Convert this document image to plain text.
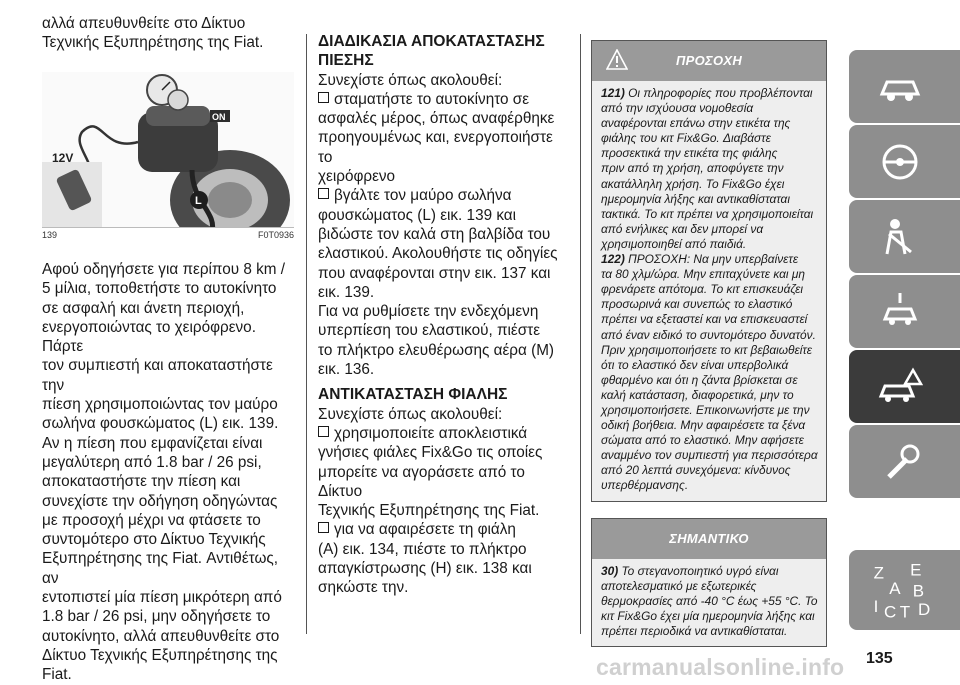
αλλά απευθυνθείτε στο Δίκτυο

Τεχνικής Εξυπηρέτησης της Fiat.

ON
L
12V
139	F0T0936

Αφού οδηγήσετε για περίπου 8 km /

5 μίλια, τοποθετήστε το αυτοκίνητο

σε ασφαλή και άνετη περιοχή,

ενεργοποιώντας το χειρόφρενο. Πάρτε

τον συμπιεστή και αποκαταστήστε την

πίεση χρησιμοποιώντας τον μαύρο

σωλήνα φουσκώματος (L) εικ. 139.

Αν η πίεση που εμφανίζεται είναι

μεγαλύτερη από 1.8 bar / 26 psi,

αποκαταστήστε την πίεση και

συνεχίστε την οδήγηση οδηγώντας

με προσοχή μέχρι να φτάσετε το

συντομότερο στο Δίκτυο Τεχνικής

Εξυπηρέτησης της Fiat. Αντιθέτως, αν

εντοπιστεί μία πίεση μικρότερη από

1.8 bar / 26 psi, μην οδηγήσετε το

αυτοκίνητο, αλλά απευθυνθείτε στο

Δίκτυο Τεχνικής Εξυπηρέτησης της

Fiat.

ΔΙΑΔΙΚΑΣΙΑ ΑΠΟΚΑΤΑΣΤΑΣΗΣ

ΠΙΕΣΗΣ

Συνεχίστε όπως ακολουθεί:

σταματήστε το αυτοκίνητο σε

ασφαλές μέρος, όπως αναφέρθηκε

προηγουμένως και, ενεργοποιήστε το

χειρόφρενο

βγάλτε τον μαύρο σωλήνα

φουσκώματος (L) εικ. 139 και

βιδώστε τον καλά στη βαλβίδα του

ελαστικού. Ακολουθήστε τις οδηγίες

που αναφέρονται στην εικ. 137 και

εικ. 139.

Για να ρυθμίσετε την ενδεχόμενη

υπερπίεση του ελαστικού, πιέστε

το πλήκτρο ελευθέρωσης αέρα (M)

εικ. 136.

ΑΝΤΙΚΑΤΑΣΤΑΣΗ ΦΙΑΛΗΣ

Συνεχίστε όπως ακολουθεί:

χρησιμοποιείτε αποκλειστικά

γνήσιες φιάλες Fix&Go τις οποίες

μπορείτε να αγοράσετε από το Δίκτυο

Τεχνικής Εξυπηρέτησης της Fiat.

για να αφαιρέσετε τη φιάλη

(A) εικ. 134, πιέστε το πλήκτρο

απαγκίστρωσης (H) εικ. 138 και

σηκώστε την.

ΠΡΟΣΟΧΗ

121) Οι πληροφορίες που προβλέπονται

από την ισχύουσα νομοθεσία

αναφέρονται επάνω στην ετικέτα της

φιάλης του κιτ Fix&Go. Διαβάστε

προσεκτικά την ετικέτα της φιάλης

πριν από τη χρήση, αποφύγετε την

ακατάλληλη χρήση. Το Fix&Go έχει

ημερομηνία λήξης και αντικαθίσταται

τακτικά. Το κιτ πρέπει να χρησιμοποιείται

από ενήλικες και δεν μπορεί να

χρησιμοποιηθεί από παιδιά.

122) ΠΡΟΣΟΧΗ: Να μην υπερβαίνετε

τα 80 χλμ/ώρα. Μην επιταχύνετε και μη

φρενάρετε απότομα. Το κιτ επισκευάζει

προσωρινά και συνεπώς το ελαστικό

πρέπει να εξεταστεί και να επισκευαστεί

από έναν ειδικό το συντομότερο δυνατόν.

Πριν χρησιμοποιήσετε το κιτ βεβαιωθείτε

ότι το ελαστικό δεν είναι υπερβολικά

φθαρμένο και ότι η ζάντα βρίσκεται σε

καλή κατάσταση, διαφορετικά, μην το

χρησιμοποιήσετε. Επικοινωνήστε με την

οδική βοήθεια. Μην αφαιρέσετε τα ξένα

σώματα από το ελαστικό. Μην αφήσετε

αναμμένο τον συμπιεστή για περισσότερα

από 20 λεπτά συνεχόμενα: κίνδυνος

υπερθέρμανσης.

ΣΗΜΑΝΤΙΚΟ

30) Το στεγανοποιητικό υγρό είναι

αποτελεσματικό με εξωτερικές

θερμοκρασίες από -40 °C έως +55 °C. Το

κιτ Fix&Go έχει μία ημερομηνία λήξης και

πρέπει περιοδικά να αντικαθίσταται.

Z E
A B
I C T D
carmanualsonline.info 135
